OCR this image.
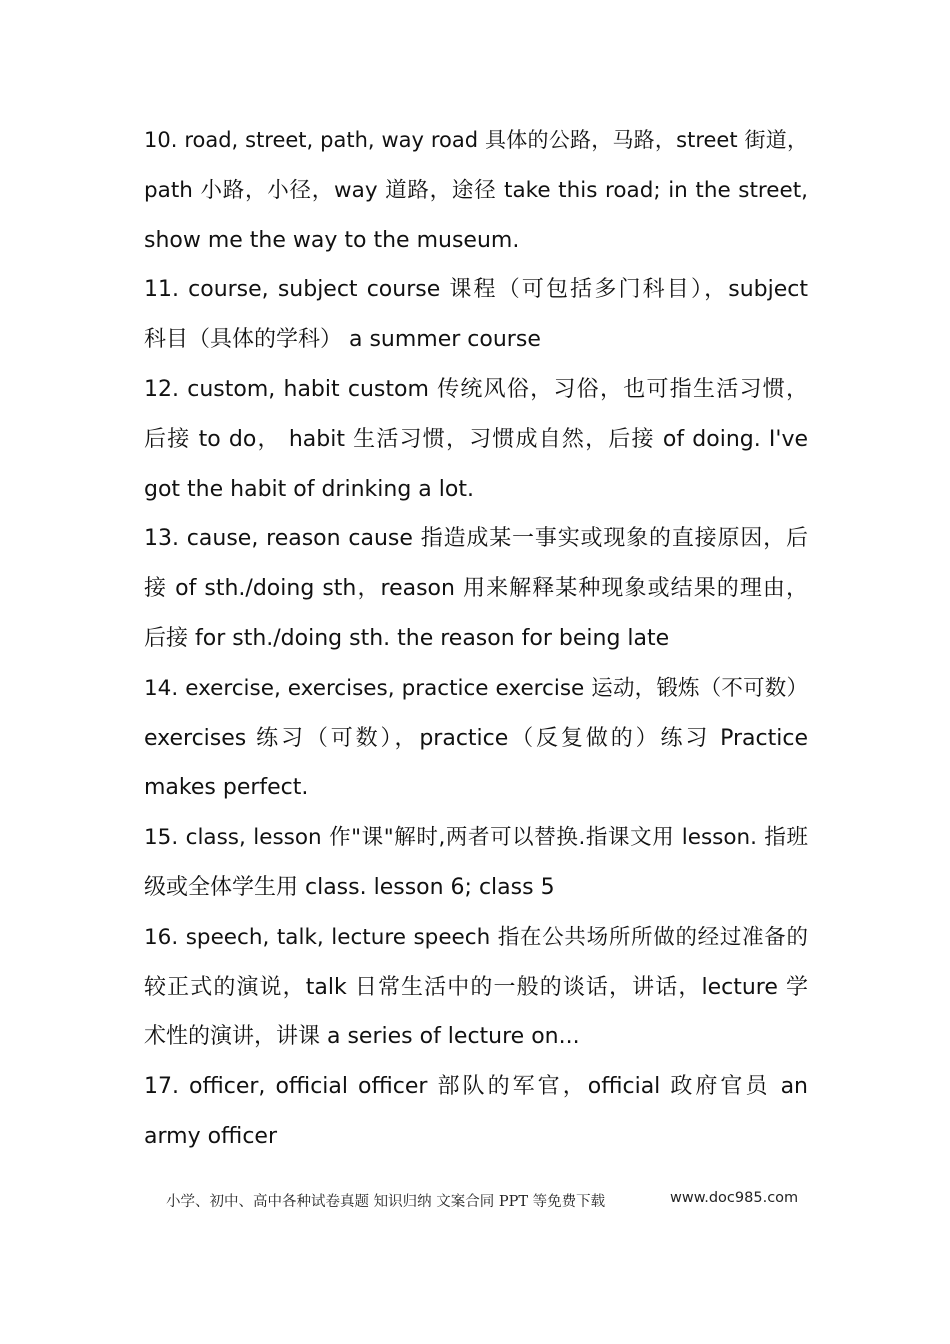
10. road, street, path, way road 具体的公路，马路，street 街道，
path 小路，小径，way 道路，途径 take this road; in the street,
show me the way to the museum.
11. course, subject course 课程（可包括多门科目），subject
科目（具体的学科） a summer course
12. custom, habit custom 传统风俗，习俗，也可指生活习惯，
后接 to do， habit 生活习惯，习惯成自然，后接 of doing. I've
got the habit of drinking a lot.
13. cause, reason cause 指造成某一事实或现象的直接原因，后
接 of sth./doing sth，reason 用来解释某种现象或结果的理由，
后接 for sth./doing sth. the reason for being late
14. exercise, exercises, practice exercise 运动，锻炼（不可数）
exercises 练习（可数），practice（反复做的）练习 Practice
makes perfect.
15. class, lesson 作"课"解时,两者可以替换.指课文用 lesson. 指班
级或全体学生用 class. lesson 6; class 5
16. speech, talk, lecture speech 指在公共场所所做的经过准备的
较正式的演说，talk 日常生活中的一般的谈话，讲话，lecture 学
术性的演讲，讲课 a series of lecture on...
17. officer, official officer 部队的军官，official 政府官员 an
army officer
小学、初中、高中各种试卷真题 知识归纳 文案合同 PPT 等免费下载	www.doc985.com
